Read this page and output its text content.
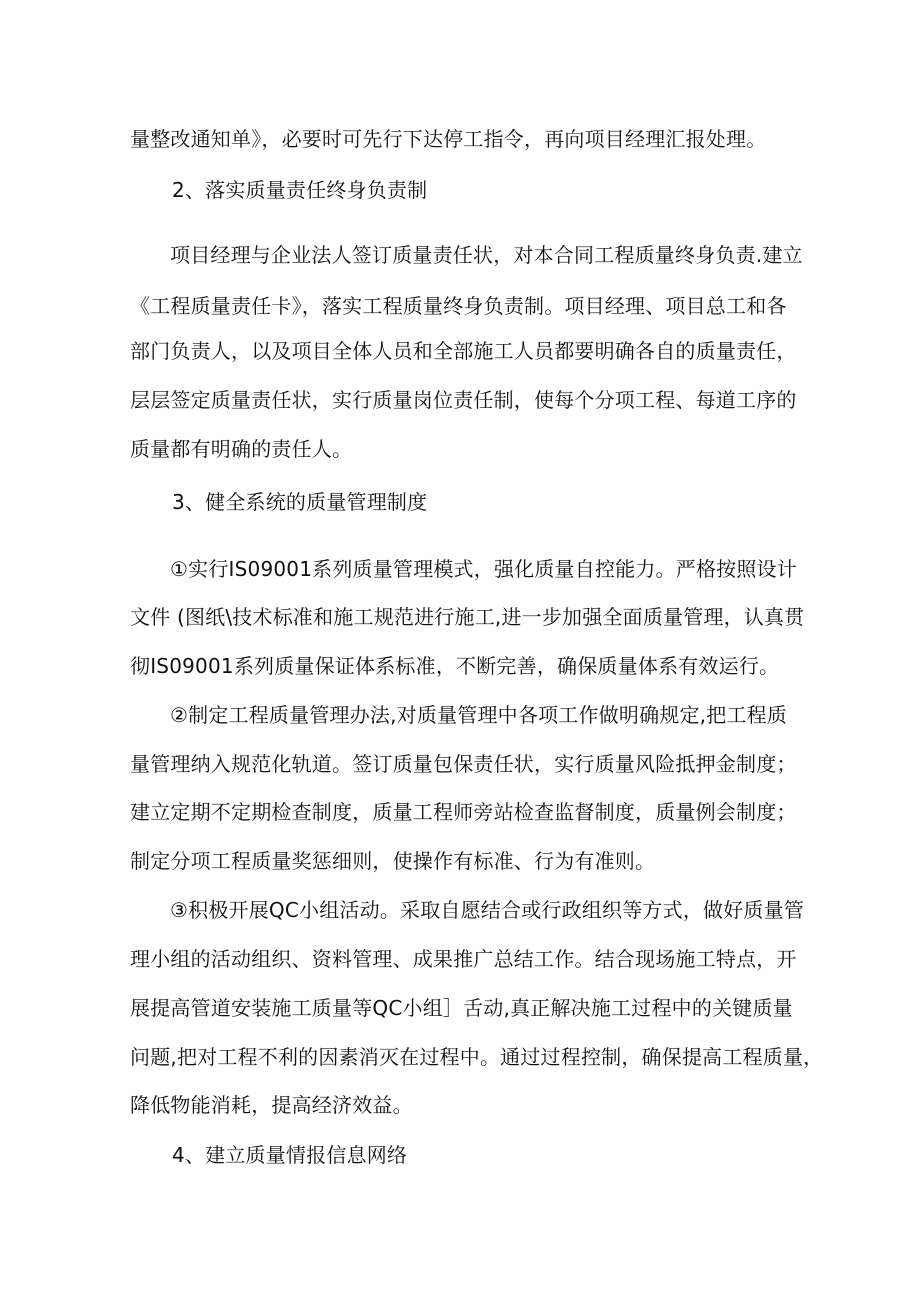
量整改通知单》，必要时可先行下达停工指令，再向项目经理汇报处理。
2、落实质量责任终身负责制
项目经理与企业法人签订质量责任状，对本合同工程质量终身负责.建立
《工程质量责任卡》，落实工程质量终身负责制。项目经理、项目总工和各
部门负责人，以及项目全体人员和全部施工人员都要明确各自的质量责任，
层层签定质量责任状，实行质量岗位责任制，使每个分项工程、每道工序的
质量都有明确的责任人。
3、健全系统的质量管理制度
①实行IS09001系列质量管理模式，强化质量自控能力。严格按照设计
文件 (图纸\技术标准和施工规范进行施工,进一步加强全面质量管理，认真贯
彻IS09001系列质量保证体系标准，不断完善，确保质量体系有效运行。
②制定工程质量管理办法,对质量管理中各项工作做明确规定,把工程质
量管理纳入规范化轨道。签订质量包保责任状，实行质量风险抵押金制度；
建立定期不定期检查制度，质量工程师旁站检查监督制度，质量例会制度；
制定分项工程质量奖惩细则，使操作有标准、行为有准则。
③积极开展QC小组活动。采取自愿结合或行政组织等方式，做好质量管
理小组的活动组织、资料管理、成果推广总结工作。结合现场施工特点，开
展提高管道安装施工质量等QC小组］舌动,真正解决施工过程中的关键质量
问题,把对工程不利的因素消灭在过程中。通过过程控制，确保提高工程质量，
降低物能消耗，提高经济效益。
4、建立质量情报信息网络
